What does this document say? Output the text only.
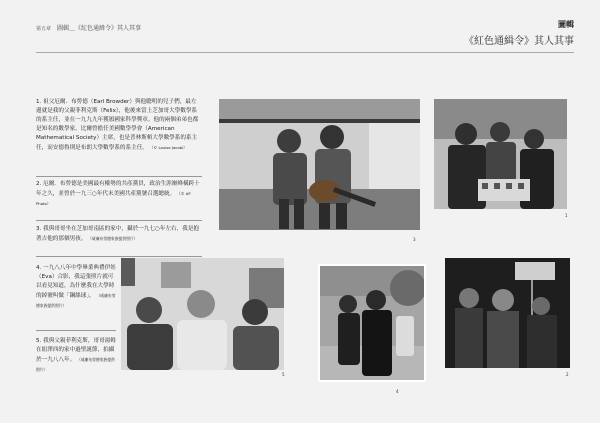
第五章 圖輯＿《紅色通緝令》其人其事	圖輯
《紅色通緝令》其人其事
1. 祖父厄爾．布勞德（Earl Browder）與他聰明的兒子們，最左邊就是我的父親菲利克斯（Felix），他後來當上芝加哥大學數學系的系主任，並在一九九九年獲頒國家科學獎章。他的兩個弟弟也都是知名的數學家，比爾曾擔任美國數學學會（American Mathematical Society）主席，也是普林斯頓大學數學系的系主任，而安德魯則是布朗大學數學系的系主任。 （© Louise Jacobi）
2. 厄爾．布勞德是美國最有權勢的共產黨員，政治生涯巔峰橫跨十年之久，並曾於一九三○年代末美國共產黨號召選總統。 （© AP Photo）
3. 我與哥哥坐在芝加哥南區的家中，攝於一九七○年左右，我是抱著吉他的那個男孩。 （威廉布勞德家族提供照片）
4. 一九八八年中學畢業典禮伊娃（Eva）合影，我這張照片就可以看見知道，為什麼我在大學時的綽號叫做「鋼絲球」。 （威廉布勞德家族提供照片）
5. 我與父親菲利克斯，哥哥湯姆在紐澤西的家中過聖誕節，拍攝於一九八八年。 （威廉布勞德家族提供照片）
3
1
5
4
2
